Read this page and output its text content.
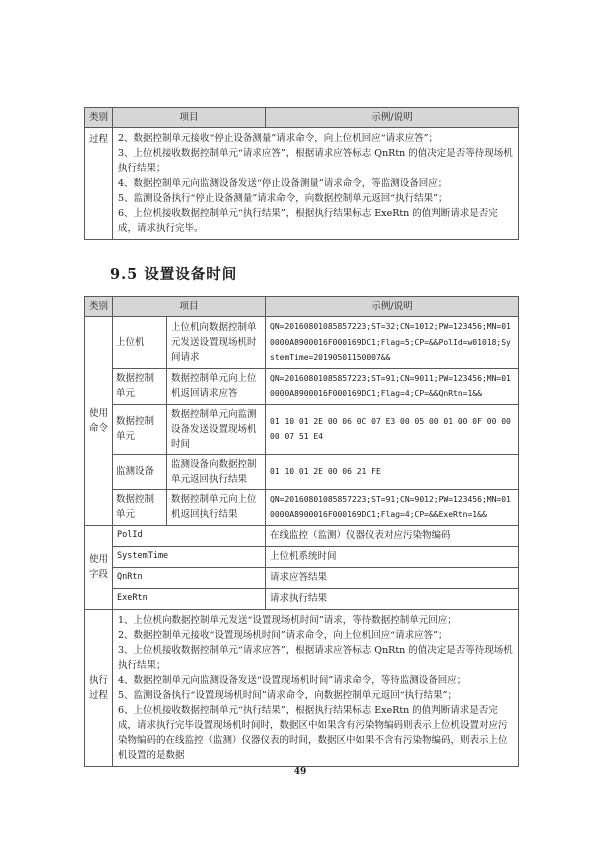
类别	项目	示例/说明
过程	2、数据控制单元接收“停止设备测量”请求命令，向上位机回应“请求应答”；
3、上位机接收数据控制单元“请求应答”，根据请求应答标志 QnRtn 的值决定是否等待现场机执行结果；
4、数据控制单元向监测设备发送“停止设备测量”请求命令，等监测设备回应；
5、监测设备执行“停止设备测量”请求命令，向数据控制单元返回“执行结果”；
6、上位机接收数据控制单元“执行结果”，根据执行结果标志 ExeRtn 的值判断请求是否完成，请求执行完毕。	
9.5 设置设备时间
类别	项目		示例/说明
使用命令	上位机	上位机向数据控制单元发送设置现场机时间请求	QN=20160801085857223;ST=32;CN=1012;PW=123456;MN=010000A8900016F000169DC1;Flag=5;CP=&&PolId=w01018;SystemTime=20190501150007&&
	数据控制单元	数据控制单元向上位机返回请求应答	QN=20160801085857223;ST=91;CN=9011;PW=123456;MN=010000A8900016F000169DC1;Flag=4;CP=&&QnRtn=1&&
	数据控制单元	数据控制单元向监测设备发送设置现场机时间	01 10 01 2E 00 06 0C 07 E3 00 05 00 01 00 0F 00 00 00 07 51 E4
	监测设备	监测设备向数据控制单元返回执行结果	01 10 01 2E 00 06 21 FE
	数据控制单元	数据控制单元向上位机返回执行结果	QN=20160801085857223;ST=91;CN=9012;PW=123456;MN=010000A8900016F000169DC1;Flag=4;CP=&&ExeRtn=1&&
使用字段	PolId		在线监控（监测）仪器仪表对应污染物编码
	SystemTime		上位机系统时间
	QnRtn		请求应答结果
	ExeRtn		请求执行结果
执行过程	
1、上位机向数据控制单元发送“设置现场机时间”请求，等待数据控制单元回应；
2、数据控制单元接收“设置现场机时间”请求命令，向上位机回应“请求应答”；
3、上位机接收数据控制单元“请求应答”，根据请求应答标志 QnRtn 的值决定是否等待现场机执行结果；
4、数据控制单元向监测设备发送“设置现场机时间”请求命令，等待监测设备回应；
5、监测设备执行“设置现场机时间”请求命令，向数据控制单元返回“执行结果”；
6、上位机接收数据控制单元“执行结果”，根据执行结果标志 ExeRtn 的值判断请求是否完成，请求执行完毕设置现场机时间时，数据区中如果含有污染物编码则表示上位机设置对应污染物编码的在线监控（监测）仪器仪表的时间，数据区中如果不含有污染物编码，则表示上位机设置的是数据
49
